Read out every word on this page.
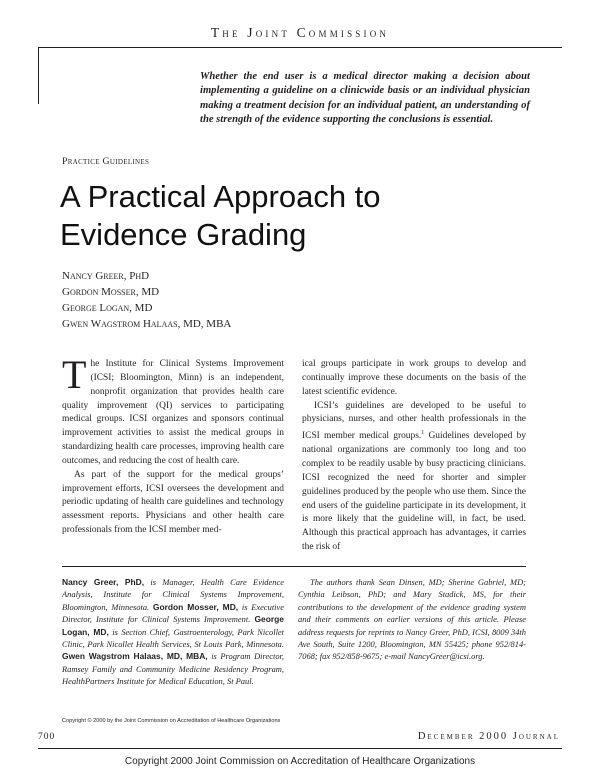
The Joint Commission
Whether the end user is a medical director making a decision about implementing a guideline on a clinicwide basis or an individual physician making a treatment decision for an individual patient, an understanding of the strength of the evidence supporting the conclusions is essential.
Practice Guidelines
A Practical Approach to
Evidence Grading
Nancy Greer, PhD
Gordon Mosser, MD
George Logan, MD
Gwen Wagstrom Halaas, MD, MBA

The Institute for Clinical Systems Improvement (ICSI; Bloomington, Minn) is an independent, nonprofit organization that provides health care quality improvement (QI) services to participating medical groups. ICSI organizes and sponsors continual improvement activities to assist the medical groups in standardizing health care processes, improving health care outcomes, and reducing the cost of health care.

As part of the support for the medical groups’ improvement efforts, ICSI oversees the development and periodic updating of health care guidelines and technology assessment reports. Physicians and other health care professionals from the ICSI member med-

ical groups participate in work groups to develop and continually improve these documents on the basis of the latest scientific evidence.

ICSI’s guidelines are developed to be useful to physicians, nurses, and other health professionals in the ICSI member medical groups.$^1$ Guidelines developed by national organizations are commonly too long and too complex to be readily usable by busy practicing clinicians. ICSI recognized the need for shorter and simpler guidelines produced by the people who use them. Since the end users of the guideline participate in its development, it is more likely that the guideline will, in fact, be used. Although this practical approach has advantages, it carries the risk of

Nancy Greer, PhD, is Manager, Health Care Evidence Analysis, Institute for Clinical Systems Improvement, Bloomington, Minnesota. Gordon Mosser, MD, is Executive Director, Institute for Clinical Systems Improvement. George Logan, MD, is Section Chief, Gastroenterology, Park Nicollet Clinic, Park Nicollet Health Services, St Louis Park, Minnesota. Gwen Wagstrom Halaas, MD, MBA, is Program Director, Ramsey Family and Community Medicine Residency Program, HealthPartners Institute for Medical Education, St Paul.

The authors thank Sean Dinsen, MD; Sherine Gabriel, MD; Cynthia Leibson, PhD; and Mary Stadick, MS, for their contributions to the development of the evidence grading system and their comments on earlier versions of this article. Please address requests for reprints to Nancy Greer, PhD, ICSI, 8009 34th Ave South, Suite 1200, Bloomington, MN 55425; phone 952/814-7068; fax 952/858-9675; e-mail NancyGreer@icsi.org.

Copyright © 2000 by the Joint Commission on Accreditation of Healthcare Organizations
700	December 2000 Journal
Copyright 2000 Joint Commission on Accreditation of Healthcare Organizations
